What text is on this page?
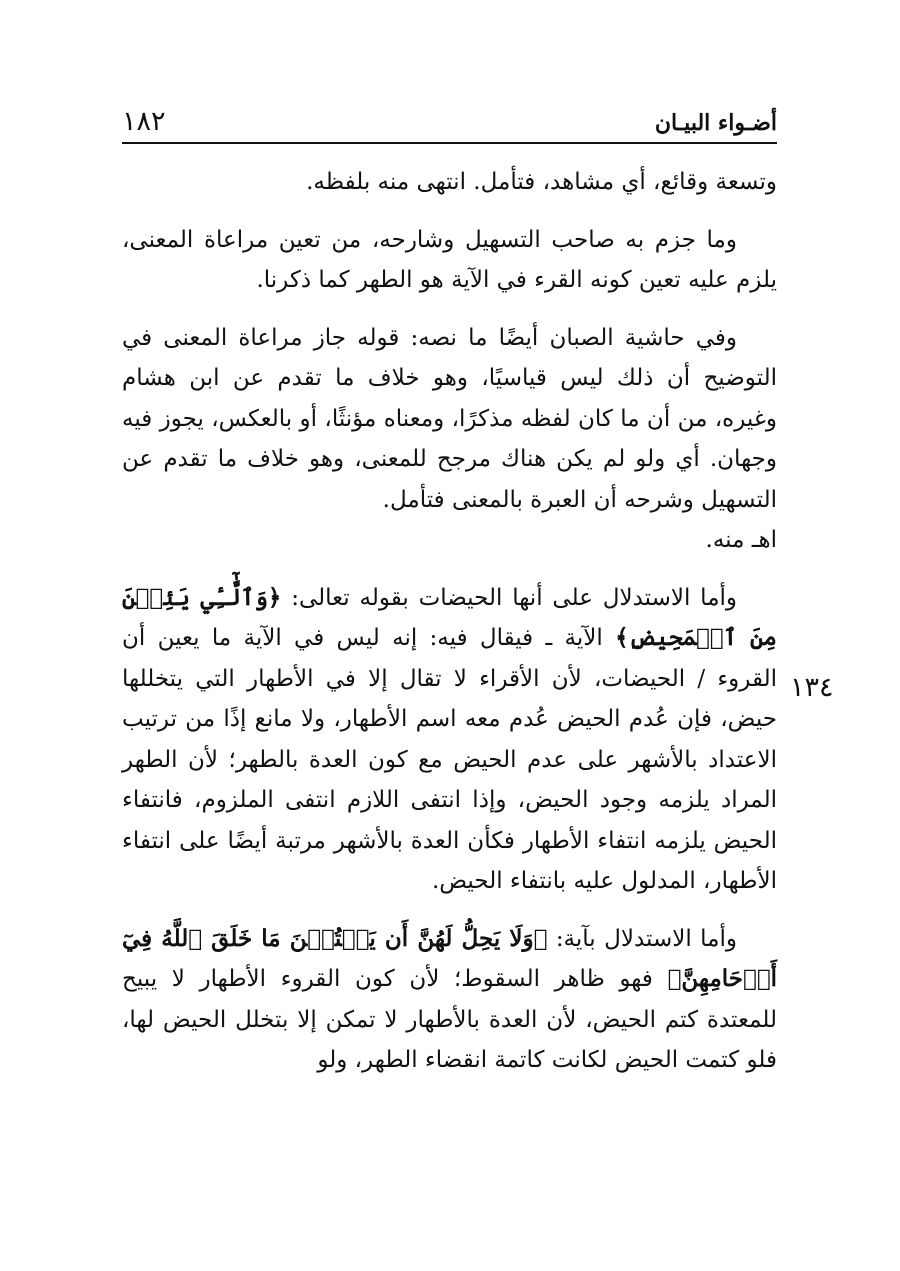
١٨٢	أضـواء البيـان
١٣٤

وتسعة وقائع، أي مشاهد، فتأمل. انتهى منه بلفظه.

وما جزم به صاحب التسهيل وشارحه، من تعين مراعاة المعنى، يلزم عليه تعين كونه القرء في الآية هو الطهر كما ذكرنا.

وفي حاشية الصبان أيضًا ما نصه: قوله جاز مراعاة المعنى في التوضيح أن ذلك ليس قياسيًا، وهو خلاف ما تقدم عن ابن هشام وغيره، من أن ما كان لفظه مذكرًا، ومعناه مؤنثًا، أو بالعكس، يجوز فيه وجهان. أي ولو لم يكن هناك مرجح للمعنى، وهو خلاف ما تقدم عن التسهيل وشرحه أن العبرة بالمعنى فتأمل.
اهـ منه.

وأما الاستدلال على أنها الحيضات بقوله تعالى: ﴿وَٱلَّٰٓـِٔي يَئِسۡنَ مِنَ ٱلۡمَحِيضِ﴾ الآية ـ فيقال فيه: إنه ليس في الآية ما يعين أن القروء / الحيضات، لأن الأقراء لا تقال إلا في الأطهار التي يتخللها حيض، فإن عُدم الحيض عُدم معه اسم الأطهار، ولا مانع إذًا من ترتيب الاعتداد بالأشهر على عدم الحيض مع كون العدة بالطهر؛ لأن الطهر المراد يلزمه وجود الحيض، وإذا انتفى اللازم انتفى الملزوم، فانتفاء الحيض يلزمه انتفاء الأطهار فكأن العدة بالأشهر مرتبة أيضًا على انتفاء الأطهار، المدلول عليه بانتفاء الحيض.

وأما الاستدلال بآية: ﴿وَلَا يَحِلُّ لَهُنَّ أَن يَكۡتُمۡنَ مَا خَلَقَ ٱللَّهُ فِيٓ أَرۡحَامِهِنَّ﴾ فهو ظاهر السقوط؛ لأن كون القروء الأطهار لا يبيح للمعتدة كتم الحيض، لأن العدة بالأطهار لا تمكن إلا بتخلل الحيض لها، فلو كتمت الحيض لكانت كاتمة انقضاء الطهر، ولو
